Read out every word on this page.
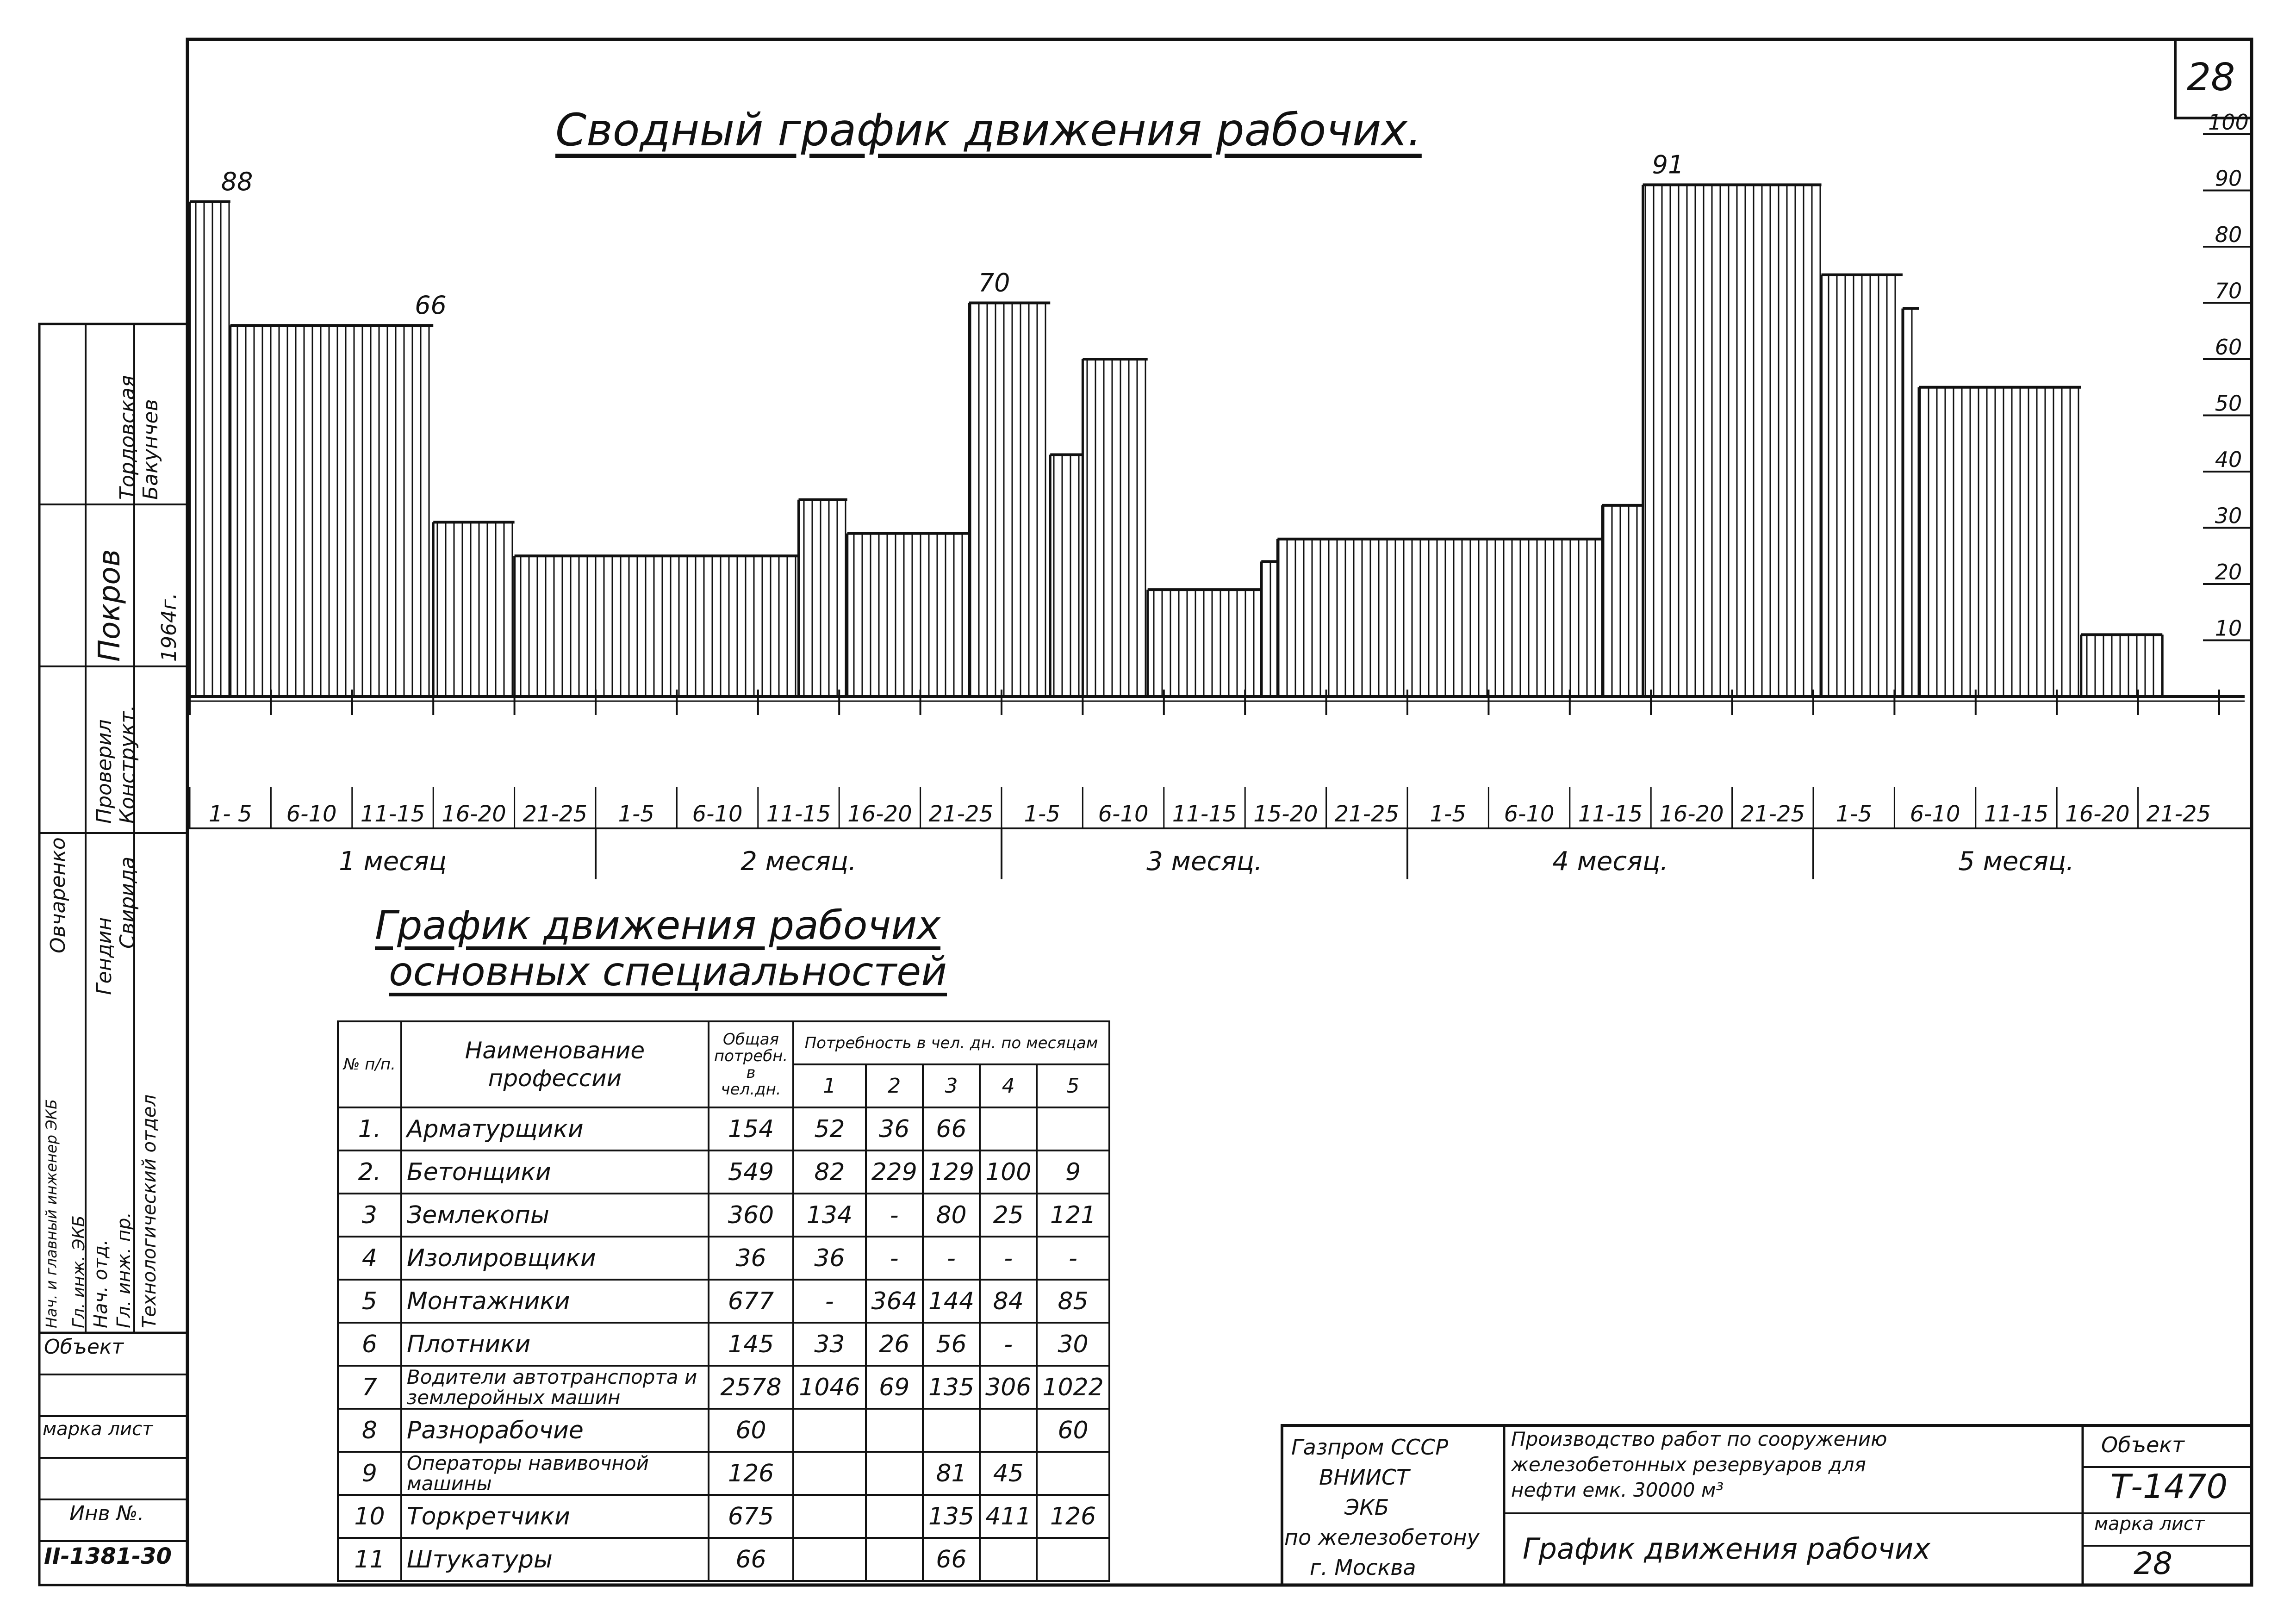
28
Сводный график движения рабочих.
1- 5 6-10 11-15 16-20 21-25 1-5 6-10 11-15 16-20 21-25 1-5 6-10 11-15 15-20 21-25 1-5 6-10 11-15 16-20 21-25 1-5 6-10 11-15 16-20 21-25
1 месяц	2 месяц.	3 месяц.	4 месяц.	5 месяц.
100
90
80
70
60
50
40
30
20
10
88
66
70
91
График движения рабочих
основных специальностей
№ п/п.	Наименование
профессии	Общая потребн. в чел.дн.	Потребность в чел. дн. по месяцам				
			1	2	3	4	5
1.	Арматурщики	154	52	36	66		
2.	Бетонщики	549	82	229	129	100	9
3	Землекопы	360	134	-	80	25	121
4	Изолировщики	36	36	-	-	-	-
5	Монтажники	677	-	364	144	84	85
6	Плотники	145	33	26	56	-	30
7	Водители автотранспорта и землеройных машин	2578	1046	69	135	306	1022
8	Разнорабочие	60					60
9	Операторы навивочной машины	126			81	45	
10	Торкретчики	675			135	411	126
11	Штукатуры	66			66		
Газпром СССР
ВНИИСТ
ЭКБ
по железобетону
г. Москва
Производство работ по сооружению
железобетонных резервуаров для
нефти емк. 30000 м³
График движения рабочих
Объект
Т-1470
марка лист
28
Объект
марка лист
Инв №.
II-1381-30
Нач. и главный инженер ЭКБ Гл. инж. ЭКБ Нач. отд. Гл. инж. пр. Технологический отдел
Овчаренко
Гендин
Свирида
Проверил Конструкт.
Покров 1964г.
Бакунчев
Тордовская
